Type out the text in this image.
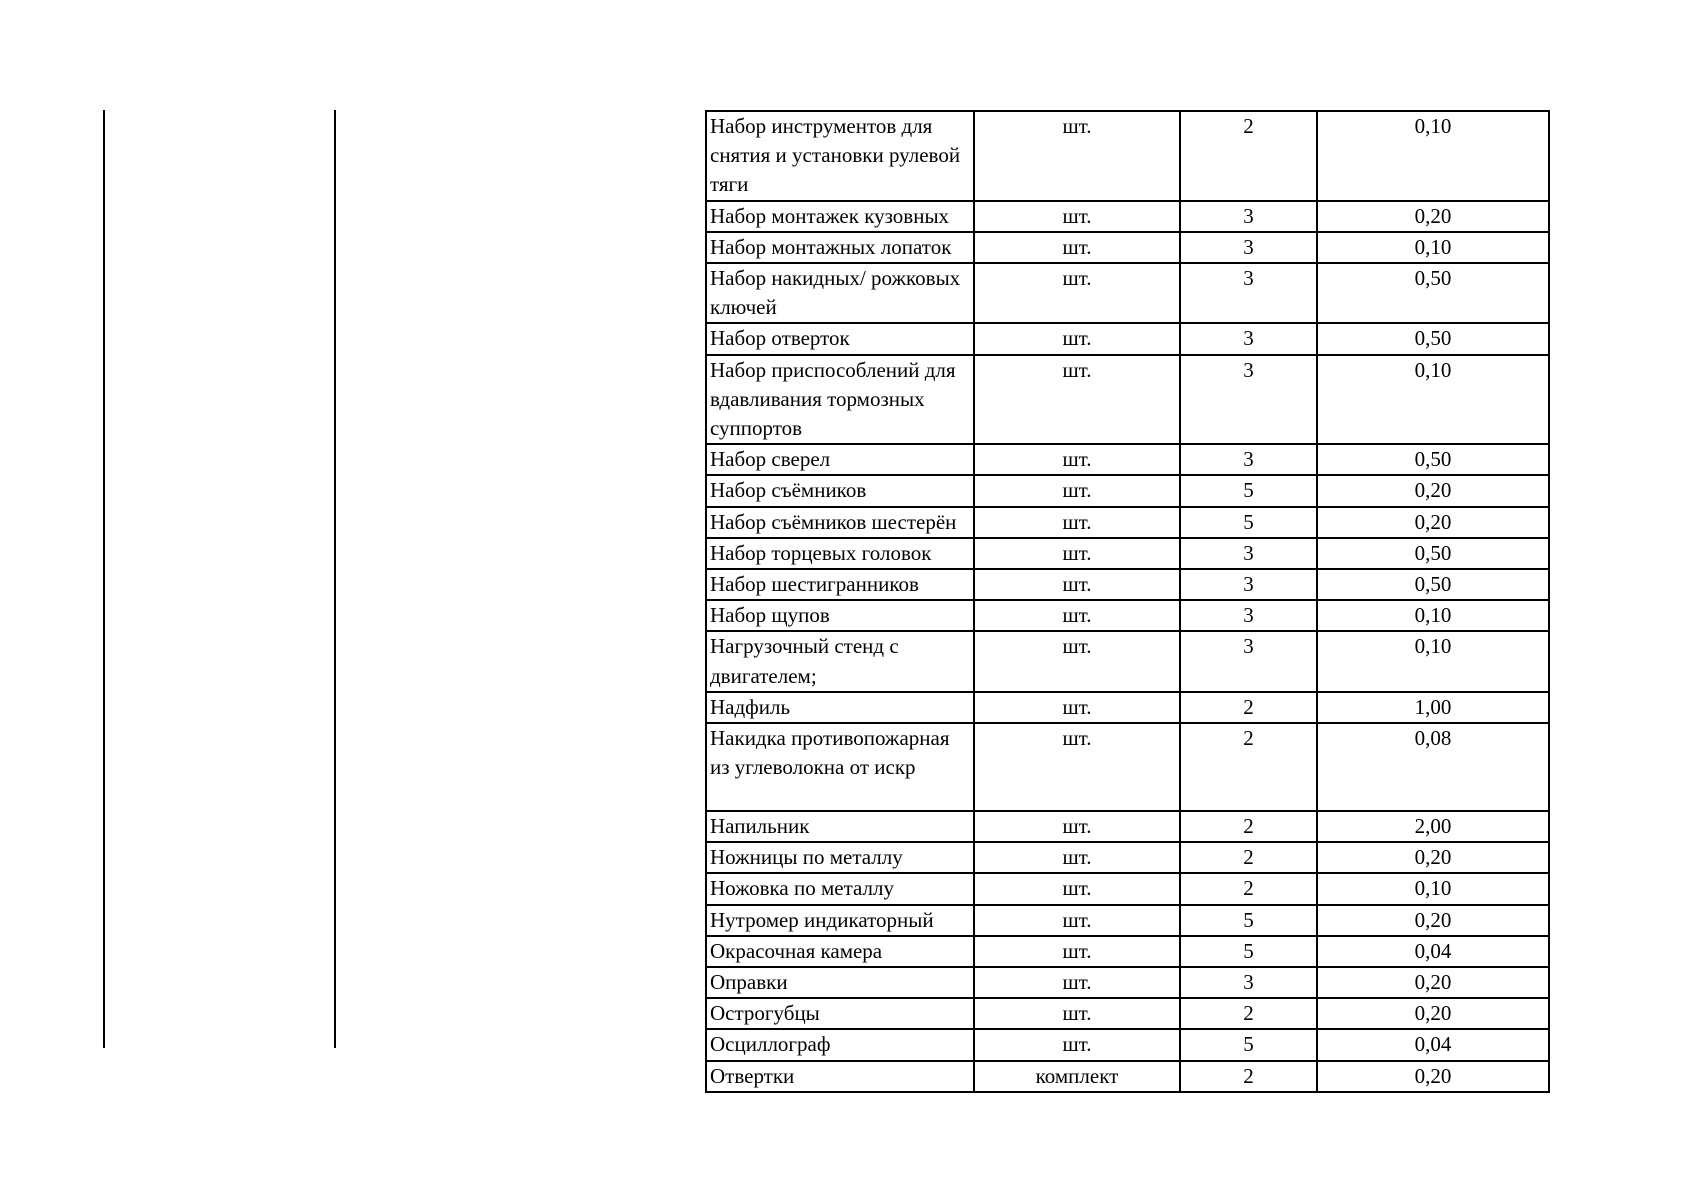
Набор инструментов для снятия и установки рулевой тяги	шт.	2	0,10
Набор монтажек кузовных	шт.	3	0,20
Набор монтажных лопаток	шт.	3	0,10
Набор накидных/ рожковых ключей	шт.	3	0,50
Набор отверток	шт.	3	0,50
Набор приспособлений для вдавливания тормозных суппортов	шт.	3	0,10
Набор сверел	шт.	3	0,50
Набор съёмников	шт.	5	0,20
Набор съёмников шестерён	шт.	5	0,20
Набор торцевых головок	шт.	3	0,50
Набор шестигранников	шт.	3	0,50
Набор щупов	шт.	3	0,10
Нагрузочный стенд с двигателем;	шт.	3	0,10
Надфиль	шт.	2	1,00
Накидка противопожарная из углеволокна от искр	шт.	2	0,08
Напильник	шт.	2	2,00
Ножницы по металлу	шт.	2	0,20
Ножовка по металлу	шт.	2	0,10
Нутромер индикаторный	шт.	5	0,20
Окрасочная камера	шт.	5	0,04
Оправки	шт.	3	0,20
Острогубцы	шт.	2	0,20
Осциллограф	шт.	5	0,04
Отвертки	комплект	2	0,20
